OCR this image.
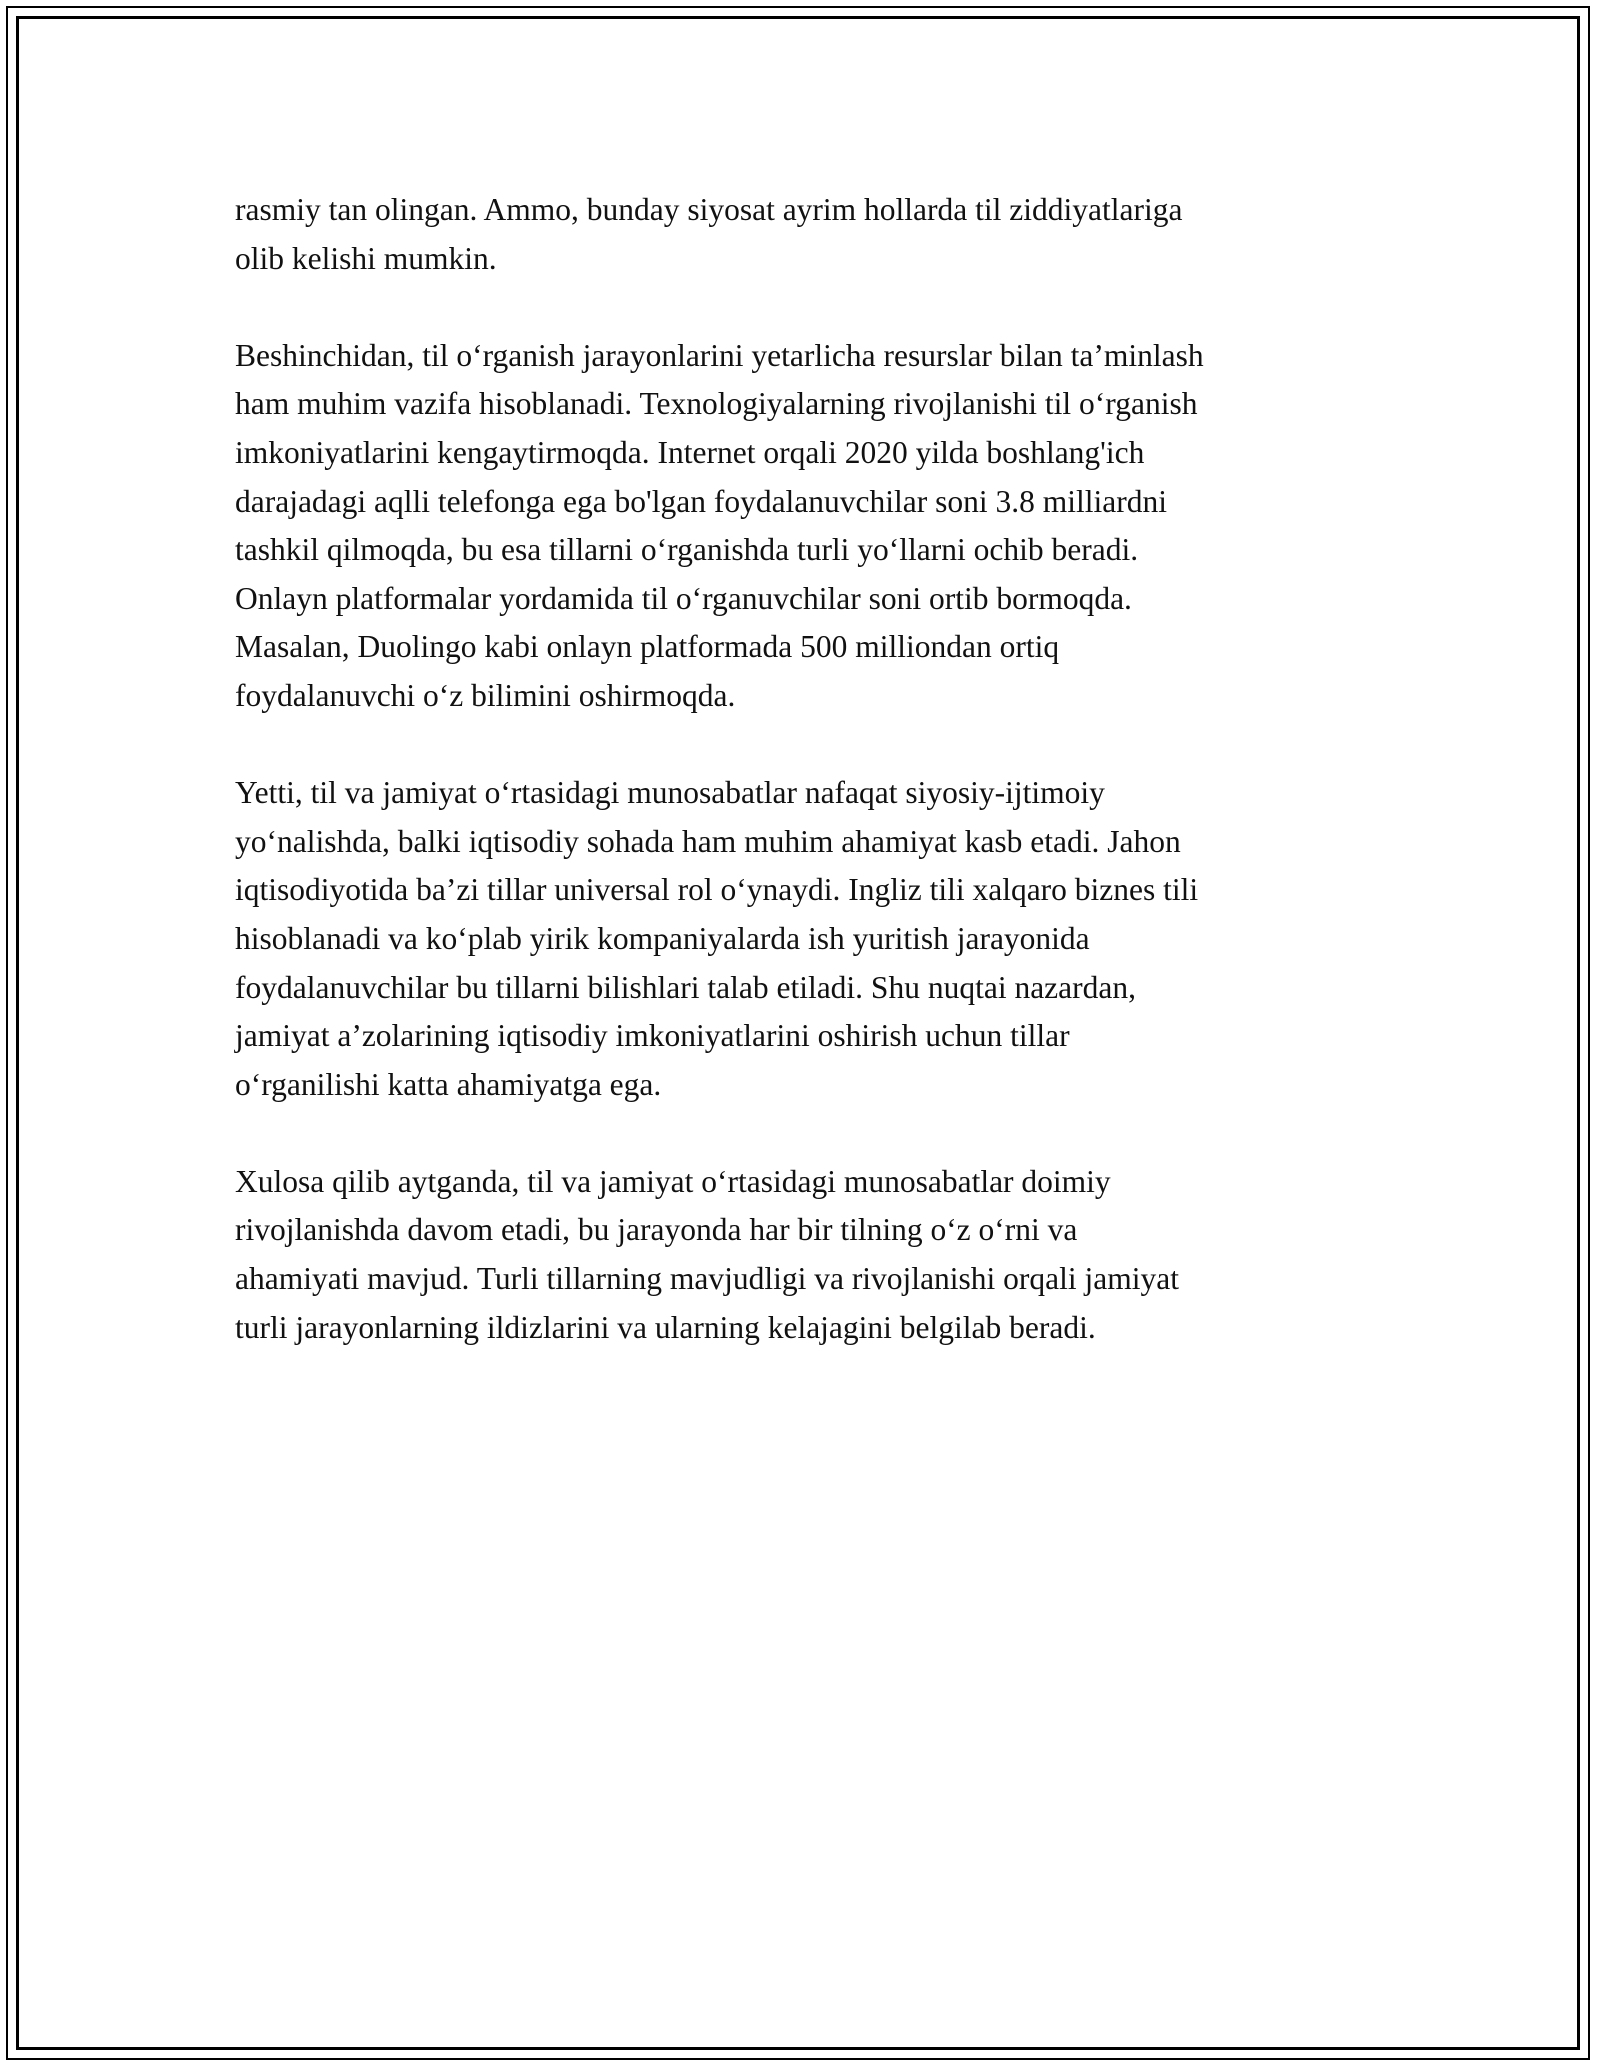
rasmiy tan olingan. Ammo, bunday siyosat ayrim hollarda til ziddiyatlariga
olib kelishi mumkin.

Beshinchidan, til o‘rganish jarayonlarini yetarlicha resurslar bilan ta’minlash
ham muhim vazifa hisoblanadi. Texnologiyalarning rivojlanishi til o‘rganish
imkoniyatlarini kengaytirmoqda. Internet orqali 2020 yilda boshlang'ich
darajadagi aqlli telefonga ega bo'lgan foydalanuvchilar soni 3.8 milliardni
tashkil qilmoqda, bu esa tillarni o‘rganishda turli yo‘llarni ochib beradi.
Onlayn platformalar yordamida til o‘rganuvchilar soni ortib bormoqda.
Masalan, Duolingo kabi onlayn platformada 500 milliondan ortiq
foydalanuvchi o‘z bilimini oshirmoqda.

Yetti, til va jamiyat o‘rtasidagi munosabatlar nafaqat siyosiy-ijtimoiy
yo‘nalishda, balki iqtisodiy sohada ham muhim ahamiyat kasb etadi. Jahon
iqtisodiyotida ba’zi tillar universal rol o‘ynaydi. Ingliz tili xalqaro biznes tili
hisoblanadi va ko‘plab yirik kompaniyalarda ish yuritish jarayonida
foydalanuvchilar bu tillarni bilishlari talab etiladi. Shu nuqtai nazardan,
jamiyat a’zolarining iqtisodiy imkoniyatlarini oshirish uchun tillar
o‘rganilishi katta ahamiyatga ega.

Xulosa qilib aytganda, til va jamiyat o‘rtasidagi munosabatlar doimiy
rivojlanishda davom etadi, bu jarayonda har bir tilning o‘z o‘rni va
ahamiyati mavjud. Turli tillarning mavjudligi va rivojlanishi orqali jamiyat
turli jarayonlarning ildizlarini va ularning kelajagini belgilab beradi.
